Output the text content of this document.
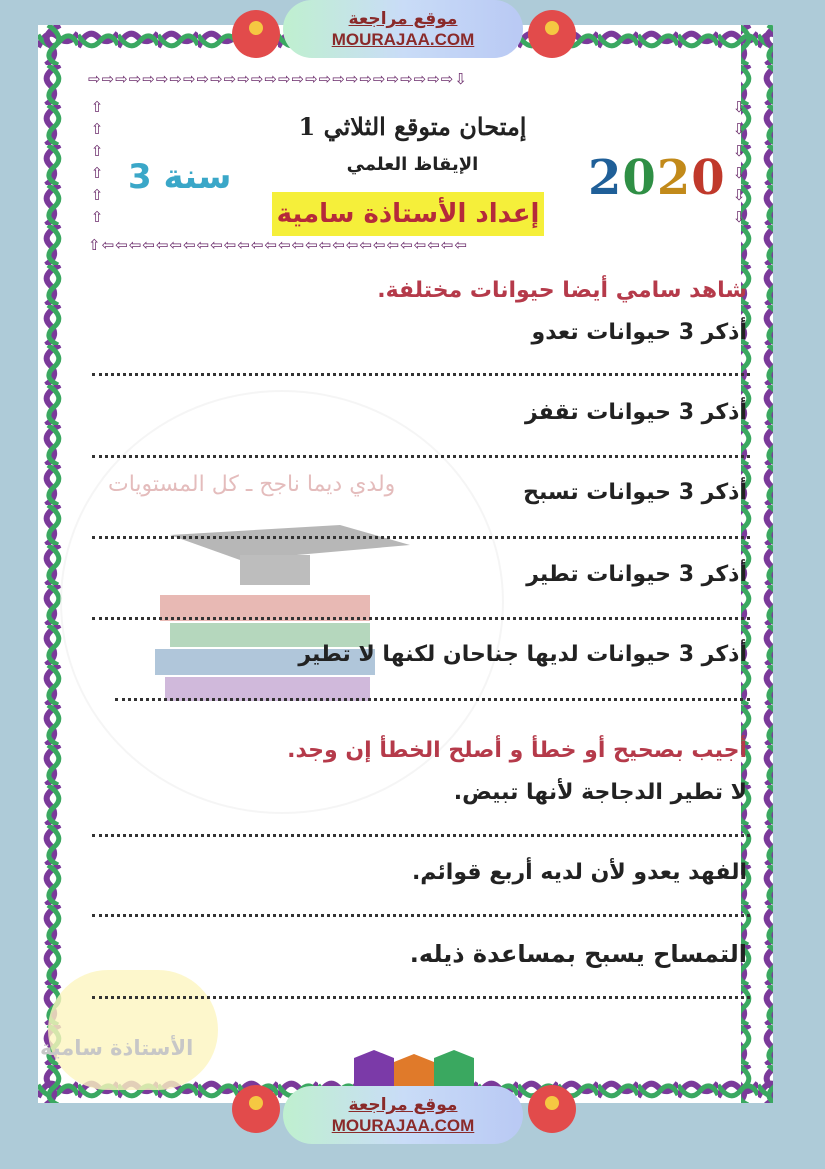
ولدي ديما ناجح ـ كل المستويات
الأستاذة سامية
موقع مراجعة
MOURAJAA.COM
⇨⇨⇨⇨⇨⇨⇨⇨⇨⇨⇨⇨⇨⇨⇨⇨⇨⇨⇨⇨⇨⇨⇨⇨⇨⇨⇨⇩
⇧
⇧
⇧
⇧
⇧
⇧
⇩
⇩
⇩
⇩
⇩
⇩
⇧⇦⇦⇦⇦⇦⇦⇦⇦⇦⇦⇦⇦⇦⇦⇦⇦⇦⇦⇦⇦⇦⇦⇦⇦⇦⇦⇦
إمتحان متوقع الثلاثي 1
الإيقاظ العلمي
إعداد الأستاذة سامية
2020
سنة 3
شاهد سامي أيضا حيوانات مختلفة.
أذكر 3 حيوانات تعدو
أذكر 3 حيوانات تقفز
أذكر 3 حيوانات تسبح
أذكر 3 حيوانات تطير
أذكر 3 حيوانات لديها جناحان لكنها لا تطير
أجيب بصحيح أو خطأ و أصلح الخطأ إن وجد.
لا تطير الدجاجة لأنها تبيض.
الفهد يعدو لأن لديه أربع قوائم.
التمساح يسبح بمساعدة ذيله.
موقع مراجعة
MOURAJAA.COM
